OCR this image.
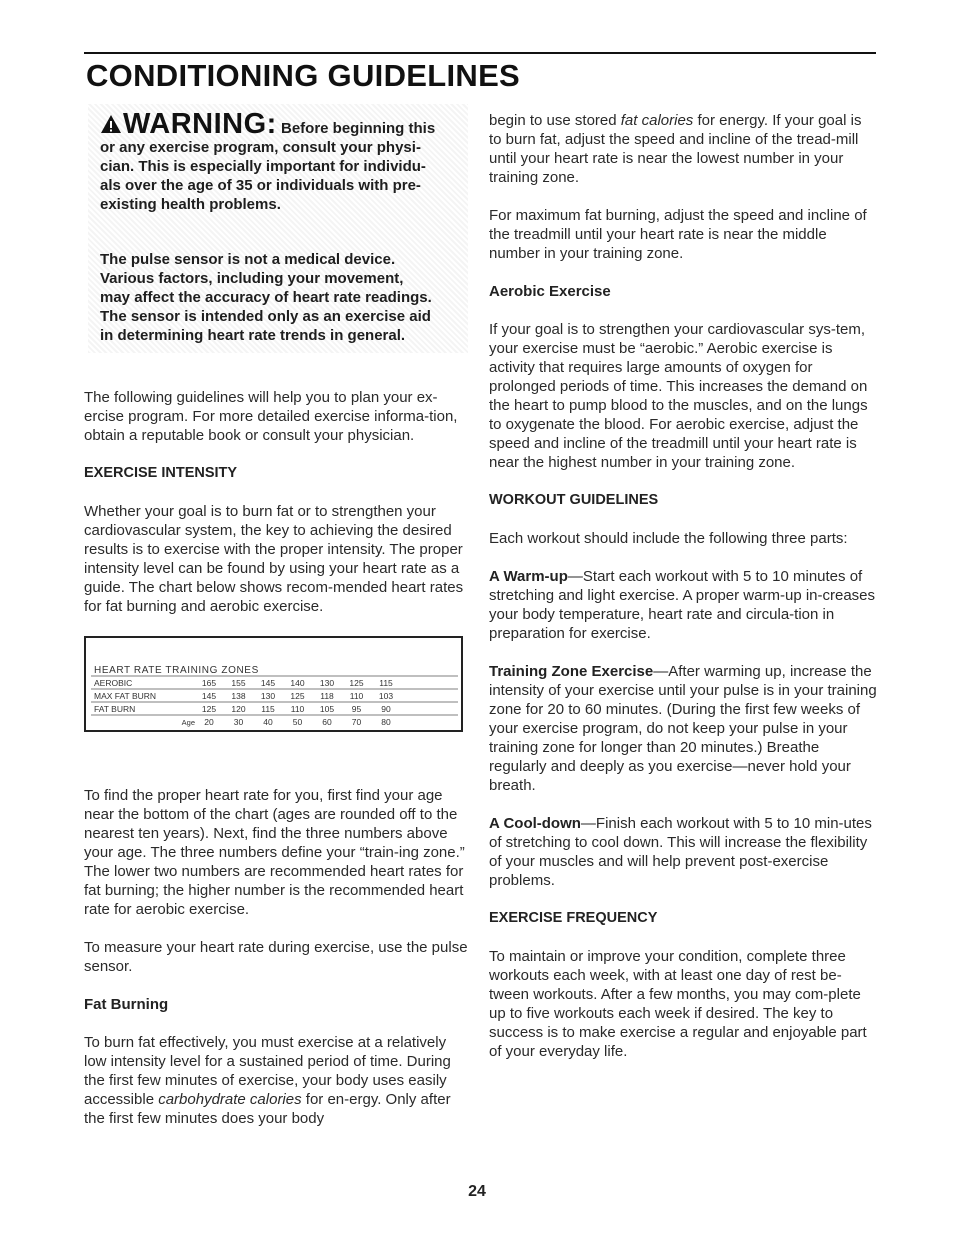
CONDITIONING GUIDELINES

WARNING: Before beginning this
or any exercise program, consult your physi-
cian. This is especially important for individu-
als over the age of 35 or individuals with pre-
existing health problems.

The pulse sensor is not a medical device.
Various factors, including your movement,
may affect the accuracy of heart rate readings.
The sensor is intended only as an exercise aid
in determining heart rate trends in general.

The following guidelines will help you to plan your ex-ercise program. For more detailed exercise informa-tion, obtain a reputable book or consult your physician.

EXERCISE INTENSITY

Whether your goal is to burn fat or to strengthen your cardiovascular system, the key to achieving the desired results is to exercise with the proper intensity. The proper intensity level can be found by using your heart rate as a guide. The chart below shows recom-mended heart rates for fat burning and aerobic exercise.

HEART RATE TRAINING ZONES
AEROBIC	165 155 145 140 130 125 115
MAX FAT BURN	145 138 130 125 118 110 103
FAT BURN	125 120 115 110 105 95 90
Age 20 30 40 50 60 70 80

To find the proper heart rate for you, first find your age near the bottom of the chart (ages are rounded off to the nearest ten years). Next, find the three numbers above your age. The three numbers define your “train-ing zone.” The lower two numbers are recommended heart rates for fat burning; the higher number is the recommended heart rate for aerobic exercise.

To measure your heart rate during exercise, use the pulse sensor.

Fat Burning

To burn fat effectively, you must exercise at a relatively low intensity level for a sustained period of time. During the first few minutes of exercise, your body uses easily accessible carbohydrate calories for en-ergy. Only after the first few minutes does your body

begin to use stored fat calories for energy. If your goal is to burn fat, adjust the speed and incline of the tread-mill until your heart rate is near the lowest number in your training zone.

For maximum fat burning, adjust the speed and incline of the treadmill until your heart rate is near the middle number in your training zone.

Aerobic Exercise

If your goal is to strengthen your cardiovascular sys-tem, your exercise must be “aerobic.” Aerobic exercise is activity that requires large amounts of oxygen for prolonged periods of time. This increases the demand on the heart to pump blood to the muscles, and on the lungs to oxygenate the blood. For aerobic exercise, adjust the speed and incline of the treadmill until your heart rate is near the highest number in your training zone.

WORKOUT GUIDELINES

Each workout should include the following three parts:

A Warm-up—Start each workout with 5 to 10 minutes of stretching and light exercise. A proper warm-up in-creases your body temperature, heart rate and circula-tion in preparation for exercise.

Training Zone Exercise—After warming up, increase the intensity of your exercise until your pulse is in your training zone for 20 to 60 minutes. (During the first few weeks of your exercise program, do not keep your pulse in your training zone for longer than 20 minutes.) Breathe regularly and deeply as you exercise—never hold your breath.

A Cool-down—Finish each workout with 5 to 10 min-utes of stretching to cool down. This will increase the flexibility of your muscles and will help prevent post-exercise problems.

EXERCISE FREQUENCY

To maintain or improve your condition, complete three workouts each week, with at least one day of rest be-tween workouts. After a few months, you may com-plete up to five workouts each week if desired. The key to success is to make exercise a regular and enjoyable part of your everyday life.

24
